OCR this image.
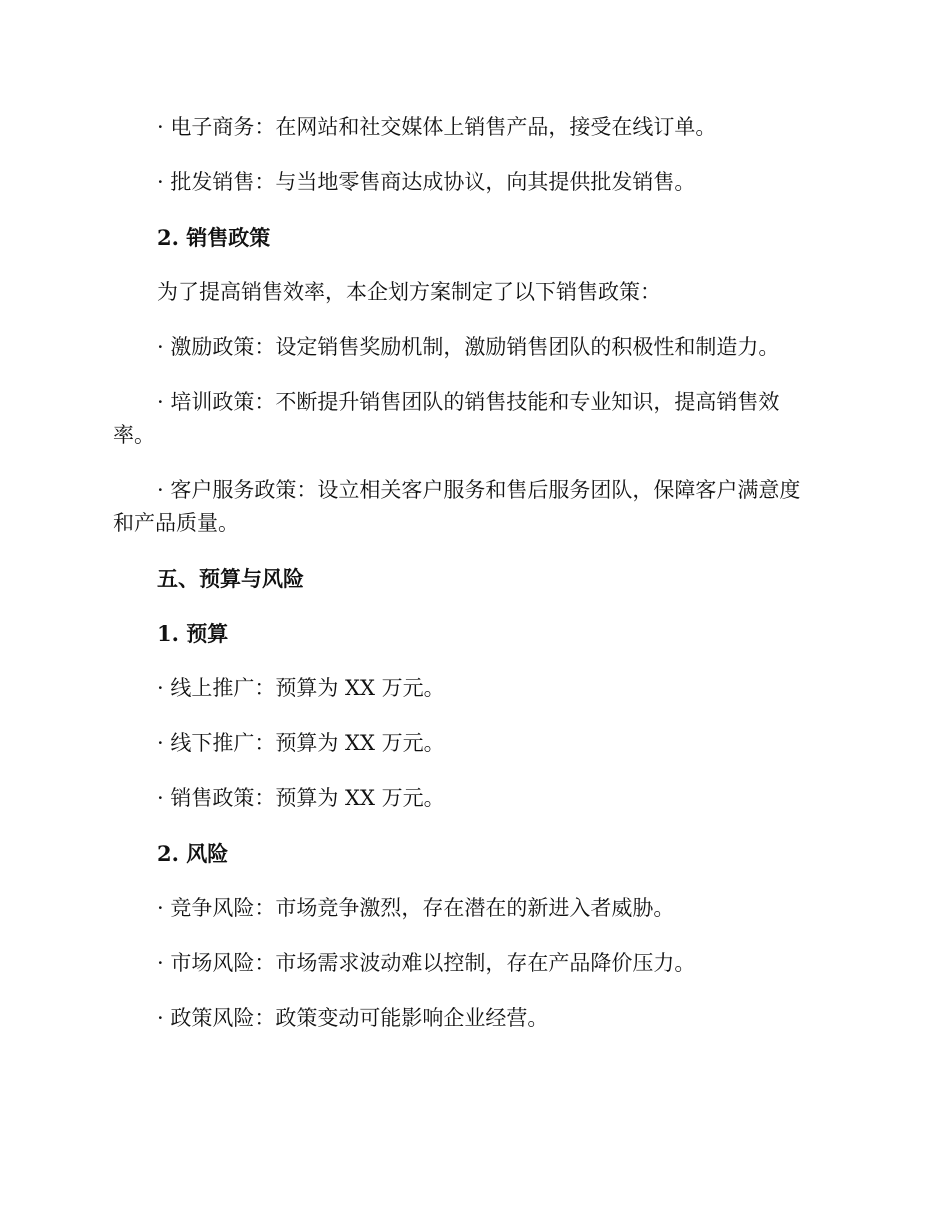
· 电子商务：在网站和社交媒体上销售产品，接受在线订单。

· 批发销售：与当地零售商达成协议，向其提供批发销售。

2. 销售政策

为了提高销售效率，本企划方案制定了以下销售政策：

· 激励政策：设定销售奖励机制，激励销售团队的积极性和制造力。

· 培训政策：不断提升销售团队的销售技能和专业知识，提高销售效率。

· 客户服务政策：设立相关客户服务和售后服务团队，保障客户满意度和产品质量。

五、预算与风险

1. 预算

· 线上推广：预算为 XX 万元。

· 线下推广：预算为 XX 万元。

· 销售政策：预算为 XX 万元。

2. 风险

· 竞争风险：市场竞争激烈，存在潜在的新进入者威胁。

· 市场风险：市场需求波动难以控制，存在产品降价压力。

· 政策风险：政策变动可能影响企业经营。
